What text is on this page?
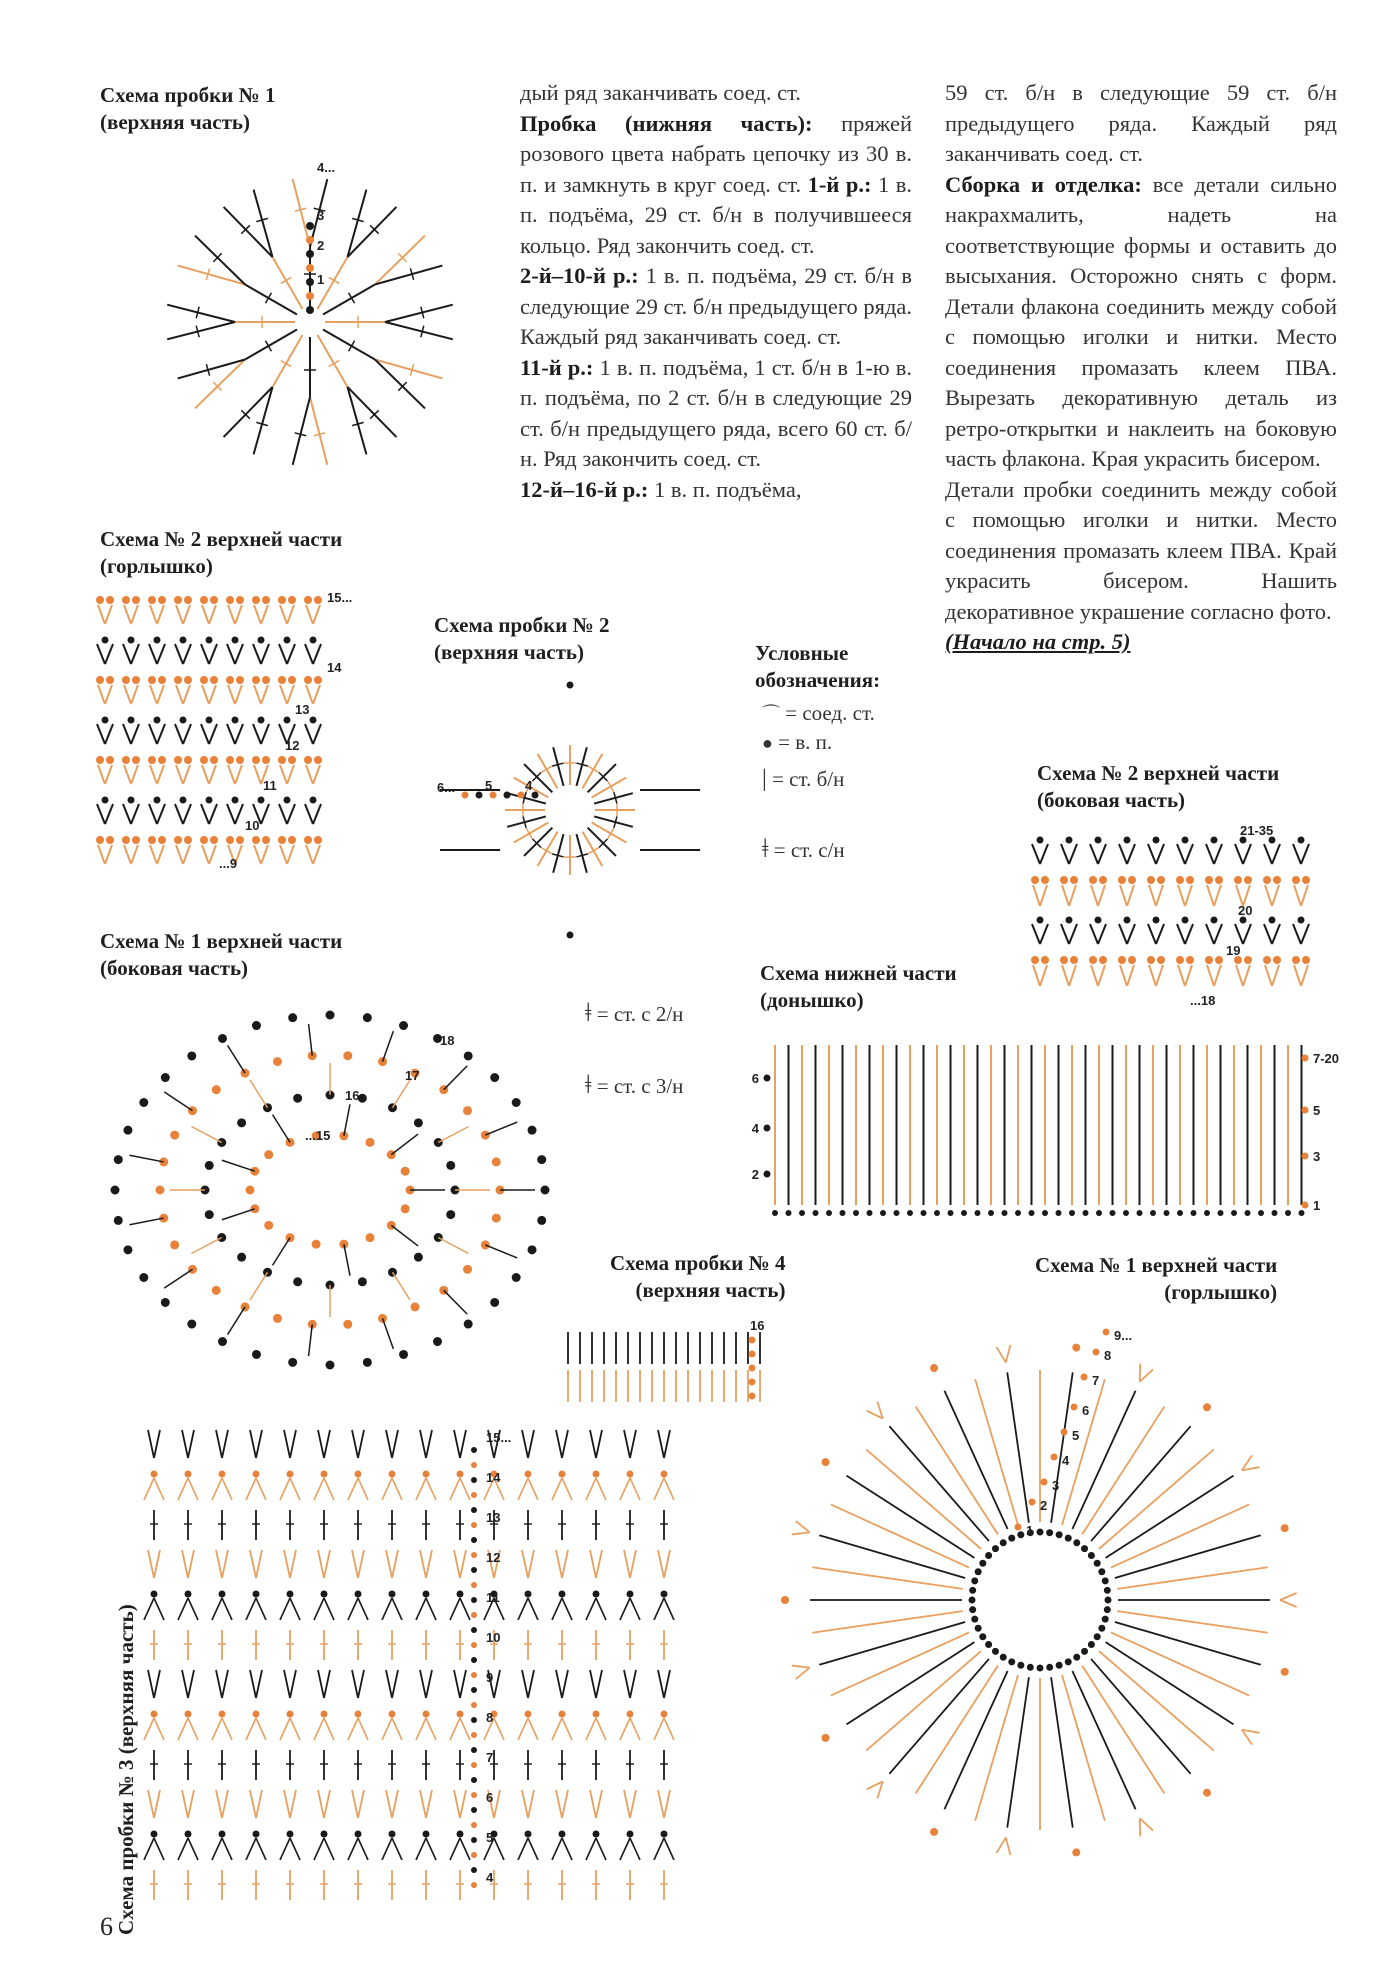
Схема пробки № 1
(верхняя часть)

дый ряд заканчивать соед. ст.

Пробка (нижняя часть): пряжей розового цвета набрать цепочку из 30 в. п. и замкнуть в круг соед. ст. 1-й р.: 1 в. п. подъёма, 29 ст. б/н в получившееся кольцо. Ряд закончить соед. ст.

2-й–10-й р.: 1 в. п. подъёма, 29 ст. б/н в следующие 29 ст. б/н предыдущего ряда. Каждый ряд заканчивать соед. ст.

11-й р.: 1 в. п. подъёма, 1 ст. б/н в 1-ю в. п. подъёма, по 2 ст. б/н в следующие 29 ст. б/н предыдущего ряда, всего 60 ст. б/н. Ряд закончить соед. ст.

12-й–16-й р.: 1 в. п. подъёма,

59 ст. б/н в следующие 59 ст. б/н предыдущего ряда. Каждый ряд заканчивать соед. ст.

Сборка и отделка: все детали сильно накрахмалить, надеть на соответствующие формы и оставить до высыхания. Осторожно снять с форм. Детали флакона соединить между собой с помощью иголки и нитки. Место соединения промазать клеем ПВА. Вырезать декоративную деталь из ретро-открытки и наклеить на боковую часть флакона. Края украсить бисером.

Детали пробки соединить между собой с помощью иголки и нитки. Место соединения промазать клеем ПВА. Край украсить бисером. Нашить декоративное украшение согласно фото.

(Начало на стр. 5)

Схема № 2 верхней части
(горлышко)
Схема пробки № 2
(верхняя часть)
Схема № 1 верхней части
(боковая часть)
Схема № 2 верхней части
(боковая часть)
Схема нижней части
(донышко)
Схема пробки № 4
(верхняя часть)
Схема № 1 верхней части
(горлышко)
Схема пробки № 3 (верхняя часть)
Условные
обозначения:
⌒ = соед. ст.
● = в. п.
| = ст. б/н
ǂ = ст. с/н
ǂ = ст. с 2/н
ǂ = ст. с 3/н
4...
3
2
1
15...
14
13
12
11
10
...9
6... 5	4
18
17
16
...15
21-35
20
19
...18
6
4
2
7-20
5
3
1
16
9...
8
7
6
5
4
3
2
1
15...
14
13
12
11
10
9
8
7
6
5
4
6
